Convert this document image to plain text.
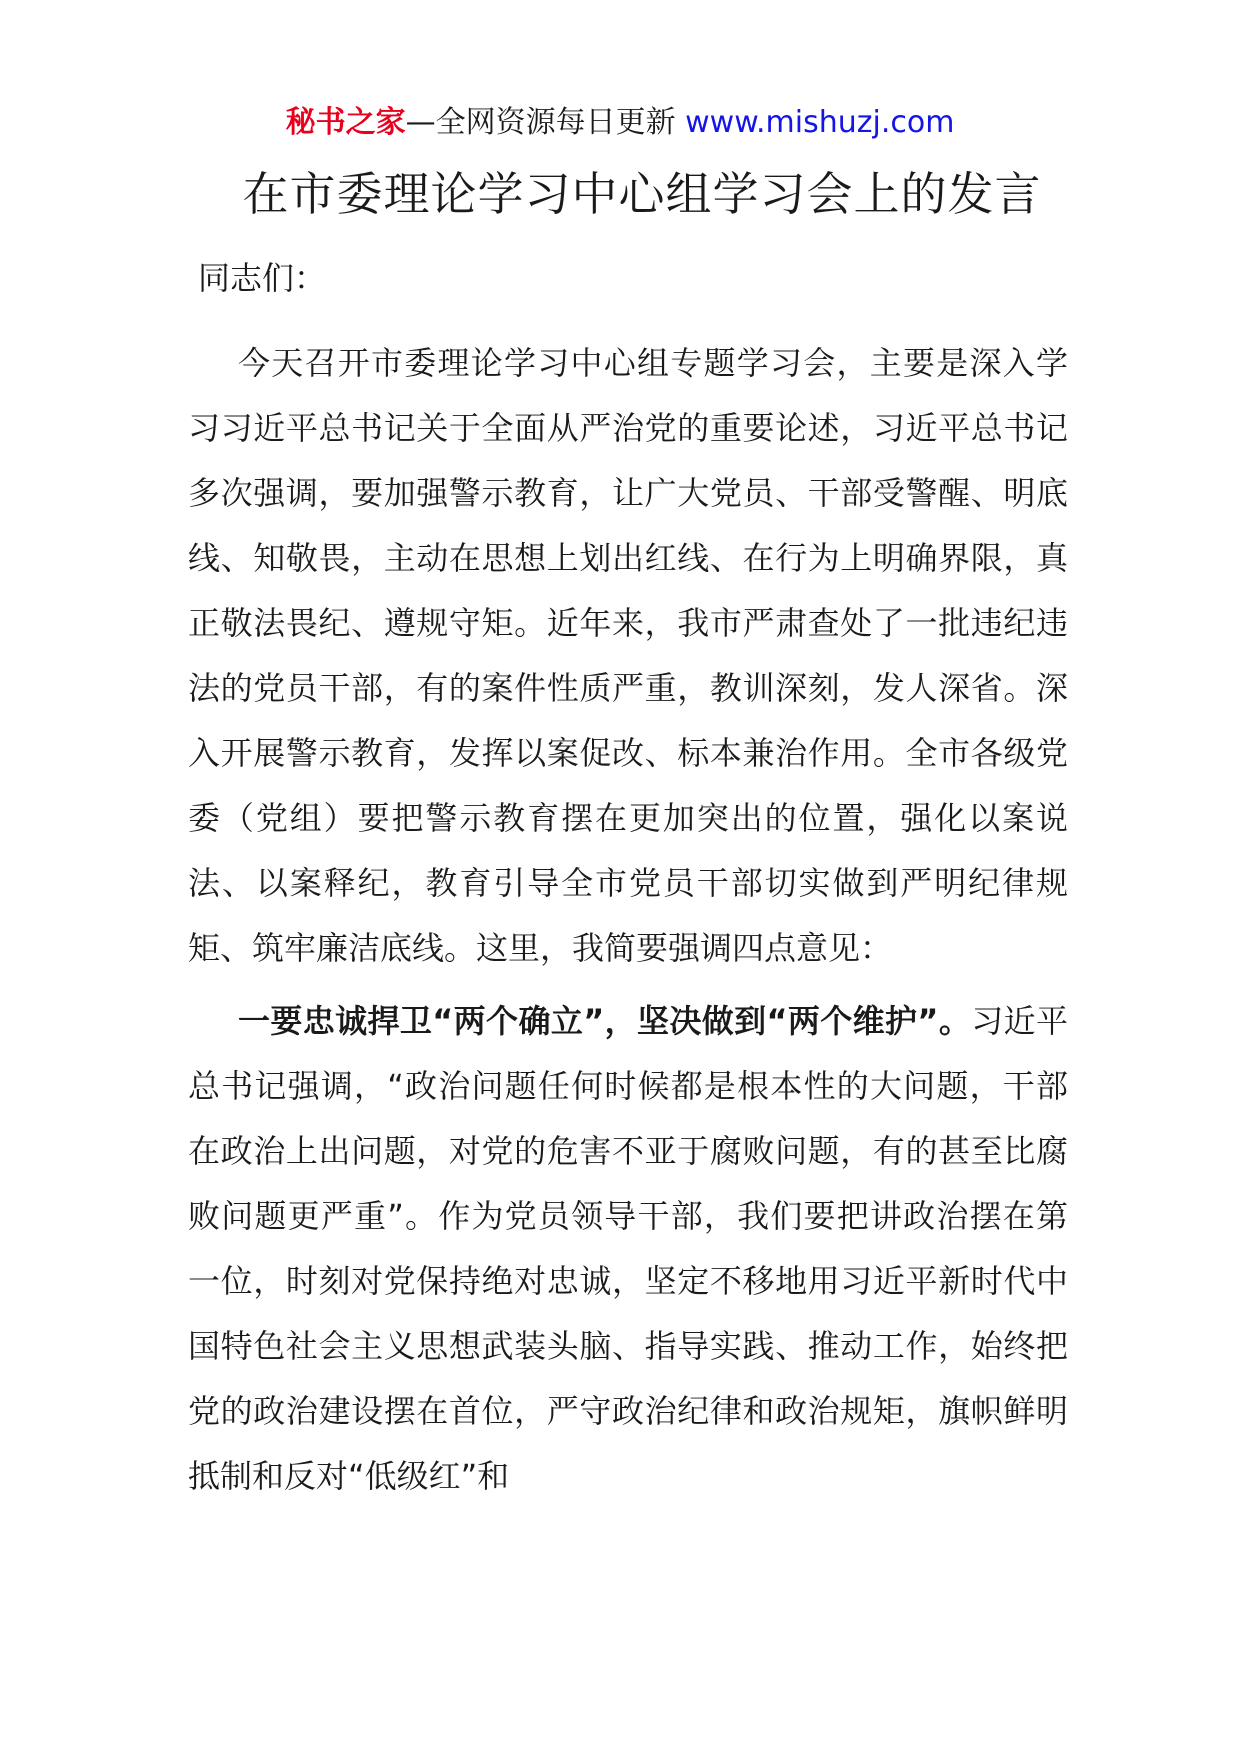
秘书之家—全网资源每日更新 www.mishuzj.com
在市委理论学习中心组学习会上的发言

同志们：

今天召开市委理论学习中心组专题学习会，主要是深入学习习近平总书记关于全面从严治党的重要论述，习近平总书记多次强调，要加强警示教育，让广大党员、干部受警醒、明底线、知敬畏，主动在思想上划出红线、在行为上明确界限，真正敬法畏纪、遵规守矩。近年来，我市严肃查处了一批违纪违法的党员干部，有的案件性质严重，教训深刻，发人深省。深入开展警示教育，发挥以案促改、标本兼治作用。全市各级党委（党组）要把警示教育摆在更加突出的位置，强化以案说法、以案释纪，教育引导全市党员干部切实做到严明纪律规矩、筑牢廉洁底线。这里，我简要强调四点意见：

一要忠诚捍卫“两个确立”，坚决做到“两个维护”。习近平总书记强调，“政治问题任何时候都是根本性的大问题，干部在政治上出问题，对党的危害不亚于腐败问题，有的甚至比腐败问题更严重”。作为党员领导干部，我们要把讲政治摆在第一位，时刻对党保持绝对忠诚，坚定不移地用习近平新时代中国特色社会主义思想武装头脑、指导实践、推动工作，始终把党的政治建设摆在首位，严守政治纪律和政治规矩，旗帜鲜明抵制和反对“低级红”和
